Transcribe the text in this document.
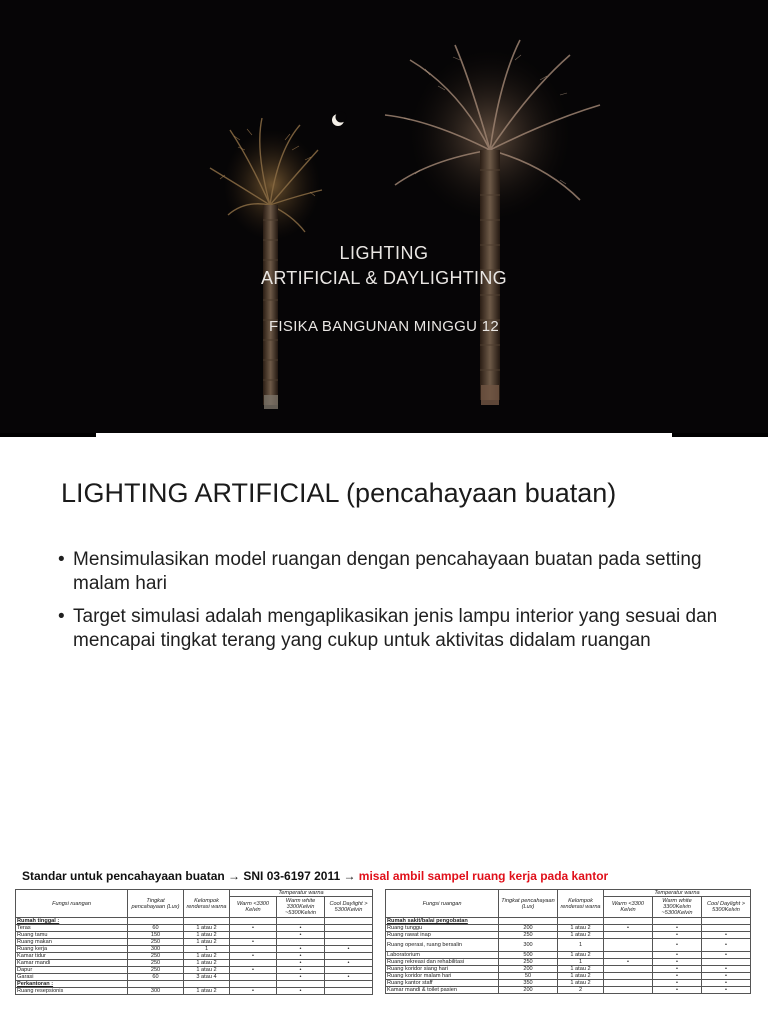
LIGHTING
ARTIFICIAL & DAYLIGHTING
FISIKA BANGUNAN MINGGU 12
LIGHTING ARTIFICIAL (pencahayaan buatan)
• Mensimulasikan model ruangan dengan pencahayaan buatan pada setting malam hari
• Target simulasi adalah mengaplikasikan jenis lampu interior yang sesuai dan mencapai tingkat terang yang cukup untuk aktivitas didalam ruangan
Standar untuk pencahayaan buatan → SNI 03-6197 2011 → misal ambil sampel ruang kerja pada kantor
Fungsi ruangan	Tingkat pencahayaan (Lux)	Kelompok renderasi warna	Temperatur warna		
			Warm <3300 Kelvin	Warm white 3300Kelvin ~5300Kelvin	Cool Daylight > 5300Kelvin
Rumah tinggal :					
Teras	60	1 atau 2	•	•	
Ruang tamu	150	1 atau 2		•	
Ruang makan	250	1 atau 2	•		
Ruang kerja	300	1		•	•
Kamar tidur	250	1 atau 2	•	•	
Kamar mandi	250	1 atau 2		•	•
Dapur	250	1 atau 2	•	•	
Garasi	60	3 atau 4		•	•
Perkantoran :					
Ruang resepsionis	300	1 atau 2	•	•	
Fungsi ruangan	Tingkat pencahayaan (Lux)	Kelompok renderasi warna	Temperatur warna		
			Warm <3300 Kelvin	Warm white 3300Kelvin ~5300Kelvin	Cool Daylight > 5300Kelvin
Rumah sakit/balai pengobatan					
Ruang tunggu	200	1 atau 2	•	•	
Ruang rawat inap	250	1 atau 2		•	•
Ruang operasi, ruang bersalin	300	1		•	•
Laboratorium	500	1 atau 2		•	•
Ruang rekreasi dan rehabilitasi	250	1	•	•	
Ruang koridor siang hari	200	1 atau 2		•	•
Ruang koridor malam hari	50	1 atau 2		•	•
Ruang kantor staff	350	1 atau 2		•	•
Kamar mandi & toilet pasien	200	2		•	•
